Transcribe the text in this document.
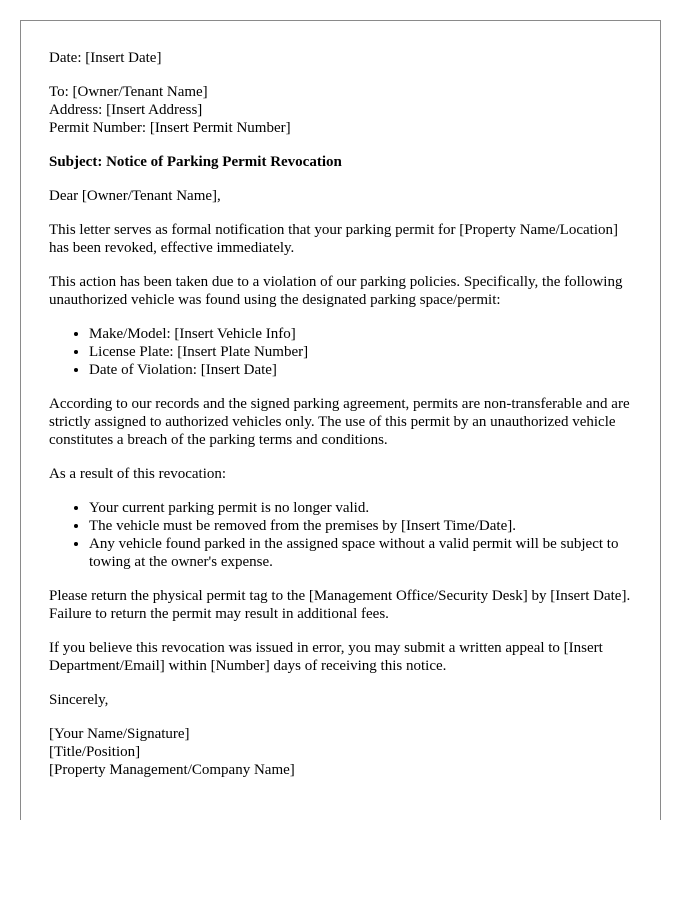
Date: [Insert Date]

To: [Owner/Tenant Name]
Address: [Insert Address]
Permit Number: [Insert Permit Number]

Subject: Notice of Parking Permit Revocation

Dear [Owner/Tenant Name],

This letter serves as formal notification that your parking permit for [Property Name/Location] has been revoked, effective immediately.

This action has been taken due to a violation of our parking policies. Specifically, the following unauthorized vehicle was found using the designated parking space/permit:

• Make/Model: [Insert Vehicle Info]
• License Plate: [Insert Plate Number]
• Date of Violation: [Insert Date]

According to our records and the signed parking agreement, permits are non-transferable and are strictly assigned to authorized vehicles only. The use of this permit by an unauthorized vehicle constitutes a breach of the parking terms and conditions.

As a result of this revocation:

• Your current parking permit is no longer valid.
• The vehicle must be removed from the premises by [Insert Time/Date].
• Any vehicle found parked in the assigned space without a valid permit will be subject to towing at the owner's expense.

Please return the physical permit tag to the [Management Office/Security Desk] by [Insert Date]. Failure to return the permit may result in additional fees.

If you believe this revocation was issued in error, you may submit a written appeal to [Insert Department/Email] within [Number] days of receiving this notice.

Sincerely,

[Your Name/Signature]
[Title/Position]
[Property Management/Company Name]
